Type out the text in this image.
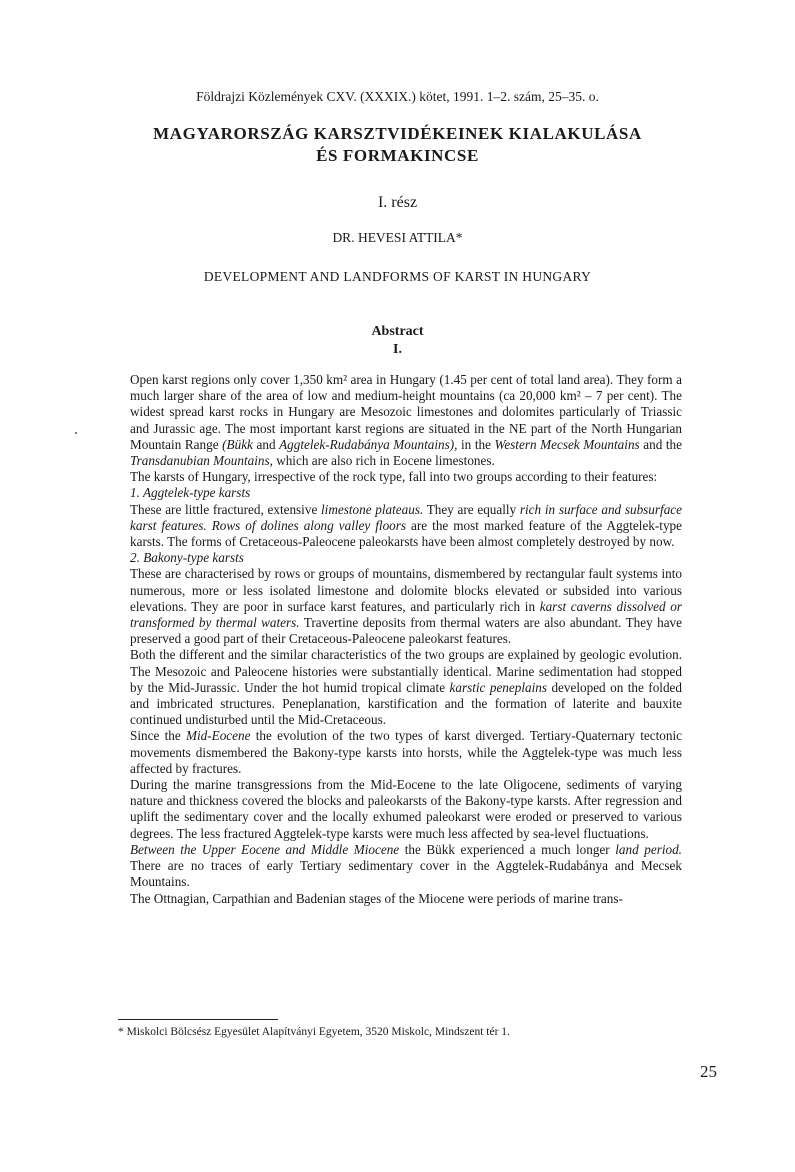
Földrajzi Közlemények CXV. (XXXIX.) kötet, 1991. 1–2. szám, 25–35. o.
MAGYARORSZÁG KARSZTVIDÉKEINEK KIALAKULÁSA
ÉS FORMAKINCSE
I. rész
DR. HEVESI ATTILA*
DEVELOPMENT AND LANDFORMS OF KARST IN HUNGARY
Abstract
I.

Open karst regions only cover 1,350 km² area in Hungary (1.45 per cent of total land area). They form a much larger share of the area of low and medium-height mountains (ca 20,000 km² – 7 per cent). The widest spread karst rocks in Hungary are Mesozoic limestones and dolomites particularly of Triassic and Jurassic age. The most important karst regions are situated in the NE part of the North Hungarian Mountain Range (Bükk and Aggtelek-Rudabánya Mountains), in the Western Mecsek Mountains and the Transdanubian Mountains, which are also rich in Eocene limestones.

The karsts of Hungary, irrespective of the rock type, fall into two groups according to their features:

1. Aggtelek-type karsts

These are little fractured, extensive limestone plateaus. They are equally rich in surface and subsurface karst features. Rows of dolines along valley floors are the most marked feature of the Aggtelek-type karsts. The forms of Cretaceous-Paleocene paleokarsts have been almost completely destroyed by now.

2. Bakony-type karsts

These are characterised by rows or groups of mountains, dismembered by rectangular fault systems into numerous, more or less isolated limestone and dolomite blocks elevated or subsided into various elevations. They are poor in surface karst features, and particularly rich in karst caverns dissolved or transformed by thermal waters. Travertine deposits from thermal waters are also abundant. They have preserved a good part of their Cretaceous-Paleocene paleokarst features.

Both the different and the similar characteristics of the two groups are explained by geologic evolution. The Mesozoic and Paleocene histories were substantially identical. Marine sedimentation had stopped by the Mid-Jurassic. Under the hot humid tropical climate karstic peneplains developed on the folded and imbricated structures. Peneplanation, karstification and the formation of laterite and bauxite continued undisturbed until the Mid-Cretaceous.

Since the Mid-Eocene the evolution of the two types of karst diverged. Tertiary-Quaternary tectonic movements dismembered the Bakony-type karsts into horsts, while the Aggtelek-type was much less affected by fractures.

During the marine transgressions from the Mid-Eocene to the late Oligocene, sediments of varying nature and thickness covered the blocks and paleokarsts of the Bakony-type karsts. After regression and uplift the sedimentary cover and the locally exhumed paleokarst were eroded or preserved to various degrees. The less fractured Aggtelek-type karsts were much less affected by sea-level fluctuations.

Between the Upper Eocene and Middle Miocene the Bükk experienced a much longer land period. There are no traces of early Tertiary sedimentary cover in the Aggtelek-Rudabánya and Mecsek Mountains.

The Ottnagian, Carpathian and Badenian stages of the Miocene were periods of marine trans-

* Miskolci Bölcsész Egyesület Alapítványi Egyetem, 3520 Miskolc, Mindszent tér 1.
25
